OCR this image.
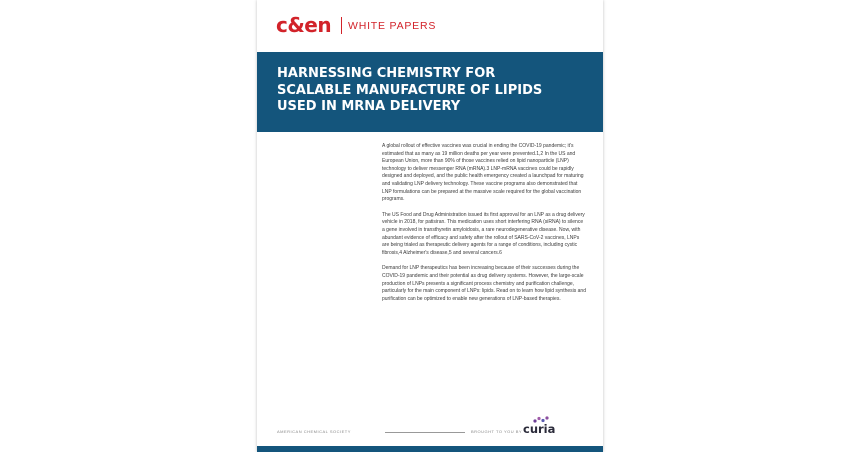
c&en WHITE PAPERS
HARNESSING CHEMISTRY FOR
SCALABLE MANUFACTURE OF LIPIDS
USED IN MRNA DELIVERY

A global rollout of effective vaccines was crucial in ending the COVID-19 pandemic; it's estimated that as many as 19 million deaths per year were prevented.1,2 In the US and European Union, more than 90% of those vaccines relied on lipid nanoparticle (LNP) technology to deliver messenger RNA (mRNA).3 LNP-mRNA vaccines could be rapidly designed and deployed, and the public health emergency created a launchpad for maturing and validating LNP delivery technology. These vaccine programs also demonstrated that LNP formulations can be prepared at the massive scale required for the global vaccination programs.

The US Food and Drug Administration issued its first approval for an LNP as a drug delivery vehicle in 2018, for patisiran. This medication uses short interfering RNA (siRNA) to silence a gene involved in transthyretin amyloidosis, a rare neurodegenerative disease. Now, with abundant evidence of efficacy and safety after the rollout of SARS-CoV-2 vaccines, LNPs are being trialed as therapeutic delivery agents for a range of conditions, including cystic fibrosis,4 Alzheimer's disease,5 and several cancers.6

Demand for LNP therapeutics has been increasing because of their successes during the COVID-19 pandemic and their potential as drug delivery systems. However, the large-scale production of LNPs presents a significant process chemistry and purification challenge, particularly for the main component of LNPs: lipids. Read on to learn how lipid synthesis and purification can be optimized to enable new generations of LNP-based therapies.

AMERICAN CHEMICAL SOCIETY	BROUGHT TO YOU BY curia
